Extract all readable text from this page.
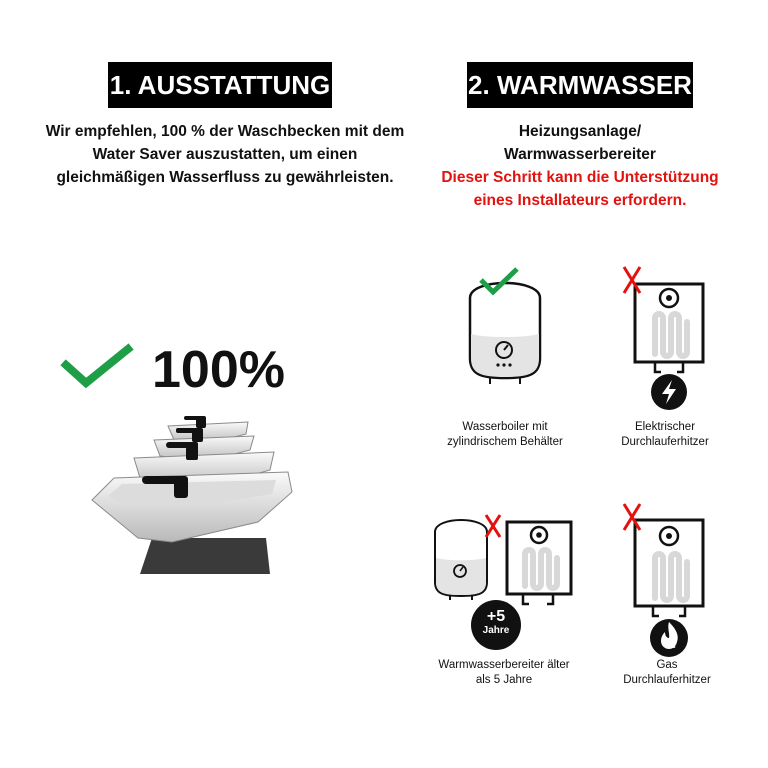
1. AUSSTATTUNG
Wir empfehlen, 100 % der Waschbecken mit dem Water Saver auszustatten, um einen gleichmäßigen Wasserfluss zu gewährleisten.
100%
2. WARMWASSER
Heizungsanlage/ Warmwasserbereiter
Dieser Schritt kann die Unterstützung eines Installateurs erfordern.
Wasserboiler mit zylindrischem Behälter
Elektrischer Durchlauferhitzer
+5
Jahre
Warmwasserbereiter älter als 5 Jahre
GAS
Gas Durchlauferhitzer
